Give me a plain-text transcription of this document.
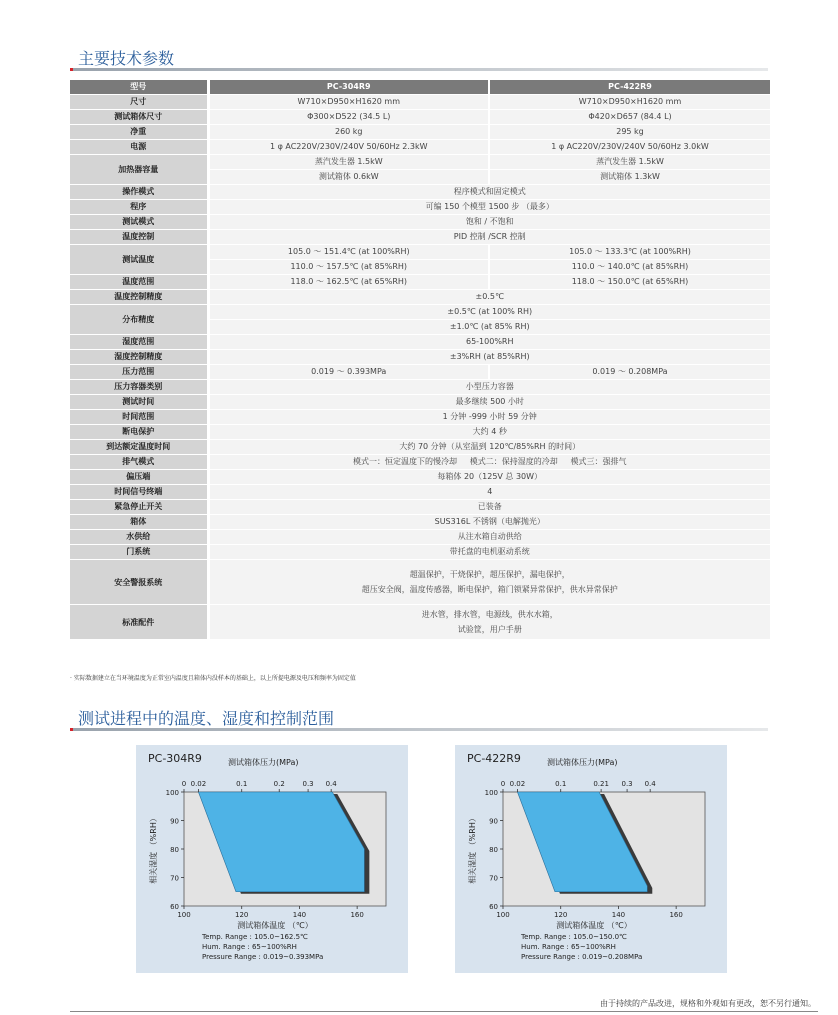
主要技术参数
型号	PC-304R9	PC-422R9
尺寸	W710×D950×H1620 mm	W710×D950×H1620 mm
测试箱体尺寸	Φ300×D522 (34.5 L)	Φ420×D657 (84.4 L)
净重	260 kg	295 kg
电源	1 φ AC220V/230V/240V 50/60Hz 2.3kW	1 φ AC220V/230V/240V 50/60Hz 3.0kW
加热器容量	蒸汽发生器 1.5kW	蒸汽发生器 1.5kW
	测试箱体 0.6kW	测试箱体 1.3kW
操作模式	程序模式和固定模式	
程序	可编 150 个模型 1500 步 （最多）	
测试模式	饱和 / 不饱和	
温度控制	PID 控制 /SCR 控制	
测试温度	105.0 ～ 151.4℃ (at 100%RH)	105.0 ～ 133.3℃ (at 100%RH)
	110.0 ～ 157.5℃ (at 85%RH)	110.0 ～ 140.0℃ (at 85%RH)
温度范围	118.0 ～ 162.5℃ (at 65%RH)	118.0 ～ 150.0℃ (at 65%RH)
温度控制精度	±0.5℃	
分布精度	±0.5℃ (at 100% RH)	
	±1.0℃ (at 85% RH)	
湿度范围	65-100%RH	
湿度控制精度	±3%RH (at 85%RH)	
压力范围	0.019 ～ 0.393MPa	0.019 ～ 0.208MPa
压力容器类别	小型压力容器	
测试时间	最多继续 500 小时	
时间范围	1 分钟 -999 小时 59 分钟	
断电保护	大约 4 秒	
到达额定温度时间	大约 70 分钟（从室温到 120℃/85%RH 的时间）	
排气模式	模式一：恒定温度下的慢冷却     模式二：保持湿度的冷却     模式三：强排气	
偏压端	每箱体 20（125V 总 30W）	
时间信号终端	4	
紧急停止开关	已装备	
箱体	SUS316L 不锈钢（电解抛光）	
水供给	从注水箱自动供给	
门系统	带托盘的电机驱动系统	
安全警报系统	超温保护，干烧保护，超压保护，漏电保护，
超压安全阀，温度传感器，断电保护，箱门锁紧异常保护，供水异常保护	

标准配件	进水管，排水管，电源线，供水水箱，
试验筐，用户手册	
· 实际数据建立在当环境温度为正常室内温度且箱体内没样本的基础上，以上所提电源及电压和频率为固定值
测试进程中的温度、湿度和控制范围
PC-304R9	测试箱体压力(MPa)
60
70
80
90
100
100	120	140	160
0 0.02	0.1	0.2	0.3 0.4
相关湿度 （%RH）
测试箱体温度 （℃）
Temp. Range : 105.0~162.5℃
Hum. Range : 65~100%RH
Pressure Range : 0.019~0.393MPa
PC-422R9	测试箱体压力(MPa)
60
70
80
90
100
100	120	140	160
0 0.02	0.1	0.21 0.3 0.4
相关湿度 （%RH）
测试箱体温度 （℃）
Temp. Range : 105.0~150.0℃
Hum. Range : 65~100%RH
Pressure Range : 0.019~0.208MPa
由于持续的产品改进，规格和外观如有更改，恕不另行通知。
